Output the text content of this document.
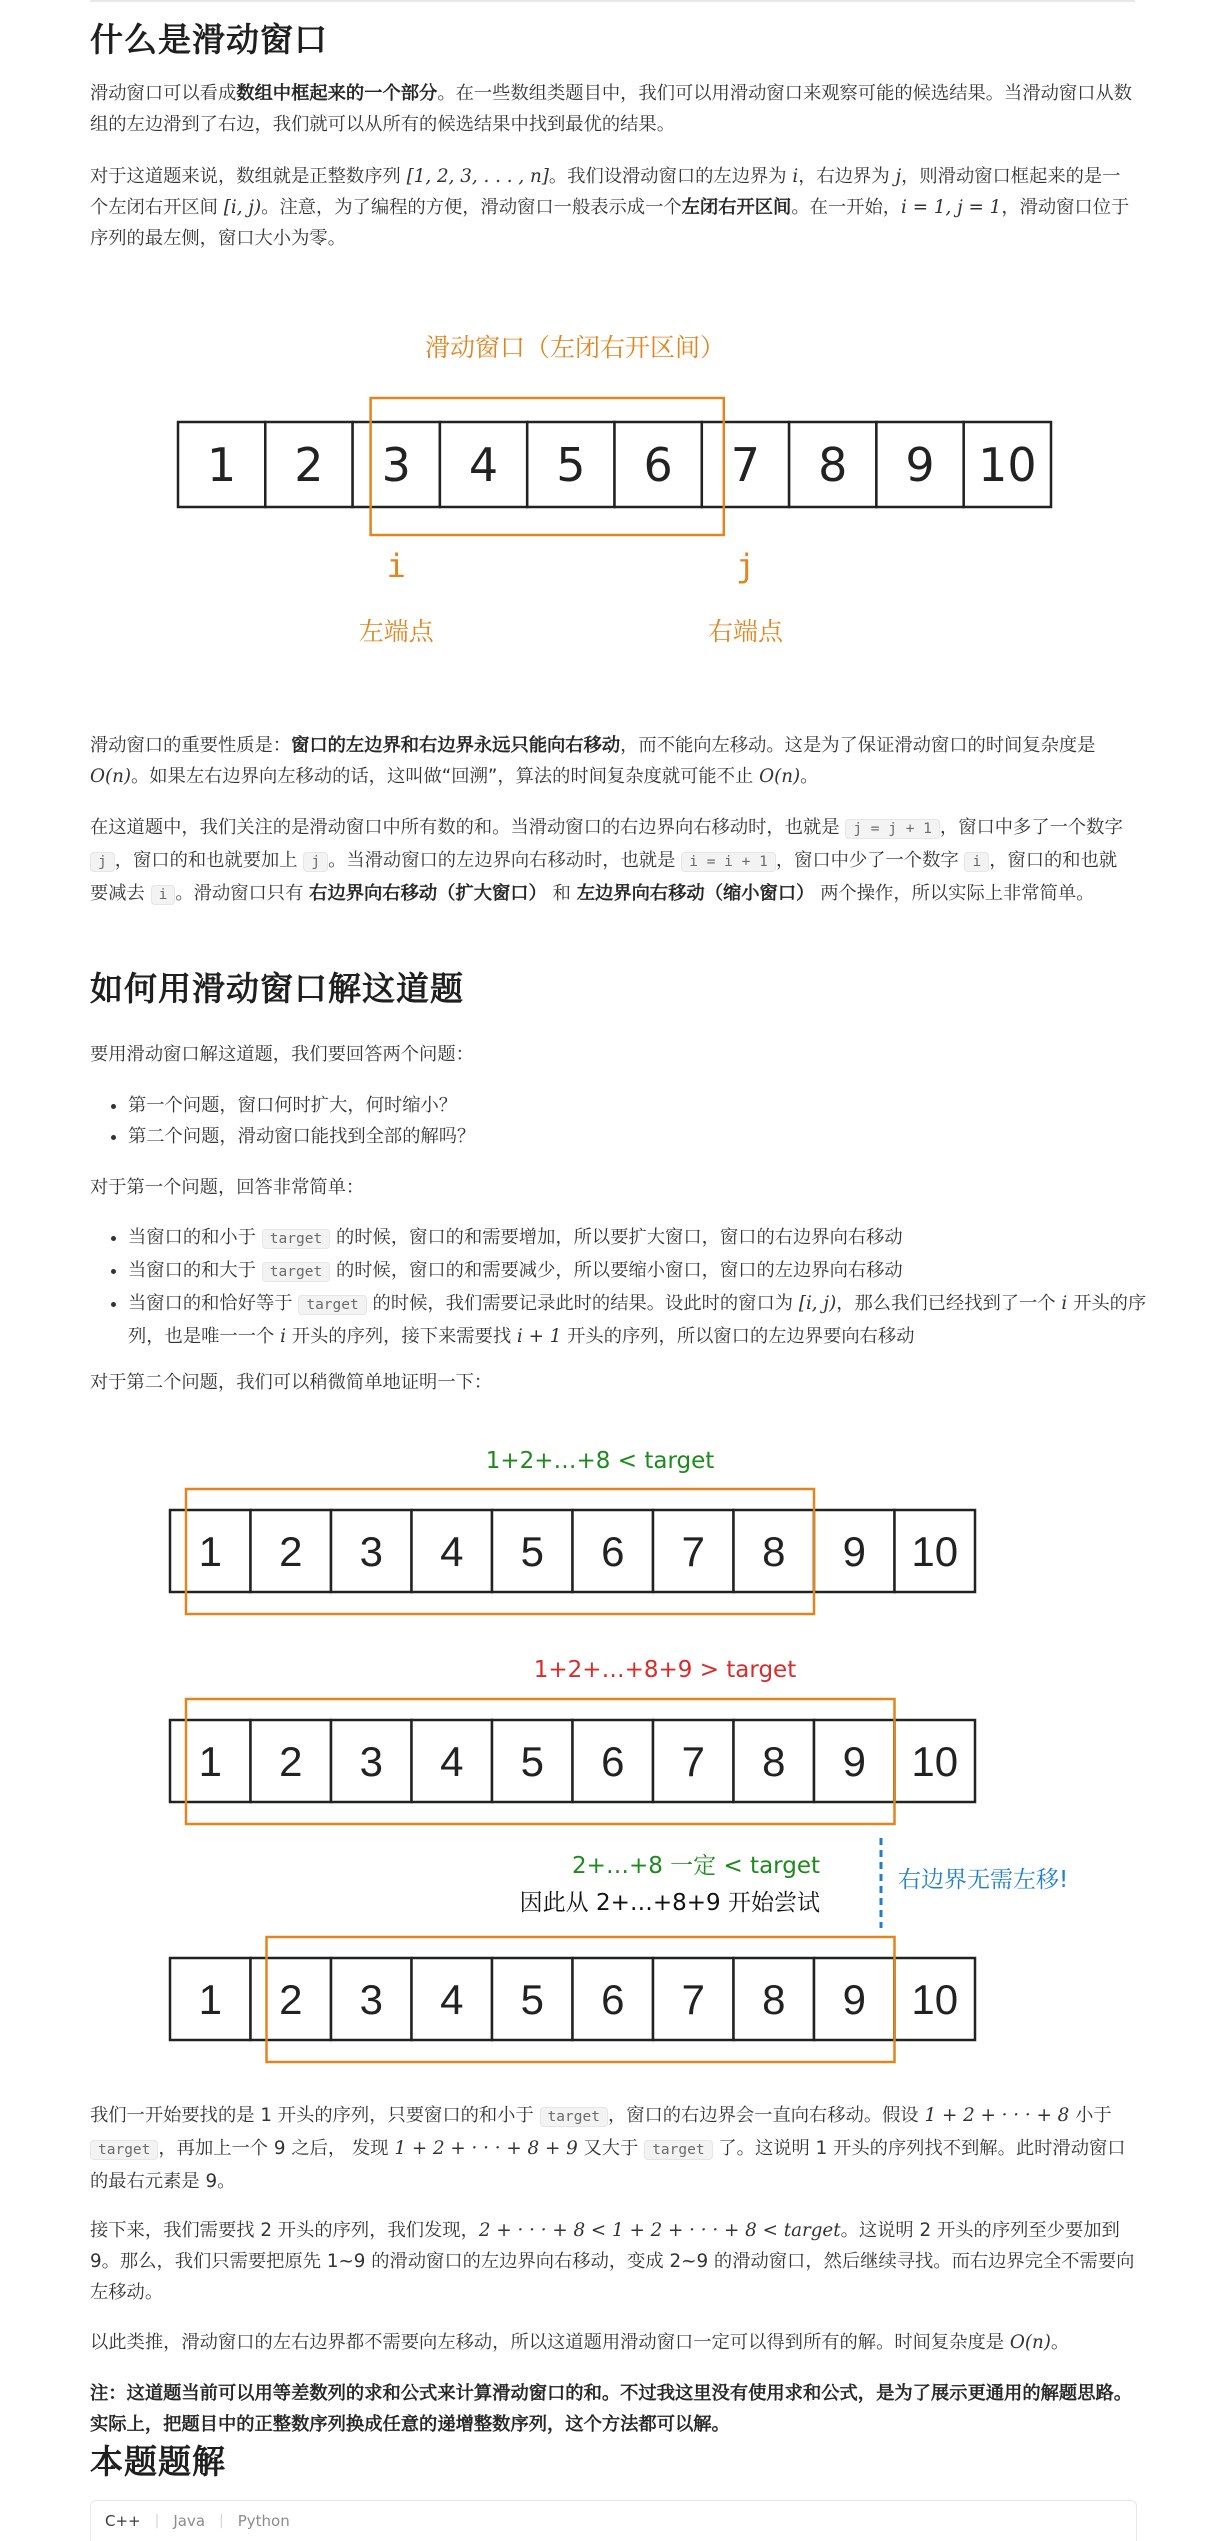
什么是滑动窗口

滑动窗口可以看成数组中框起来的一个部分。在一些数组类题目中，我们可以用滑动窗口来观察可能的候选结果。当滑动窗口从数组的左边滑到了右边，我们就可以从所有的候选结果中找到最优的结果。

对于这道题来说，数组就是正整数序列 [1, 2, 3, . . . , n]。我们设滑动窗口的左边界为 i，右边界为 j，则滑动窗口框起来的是一个左闭右开区间 [i, j)。注意，为了编程的方便，滑动窗口一般表示成一个左闭右开区间。在一开始，i = 1, j = 1，滑动窗口位于序列的最左侧，窗口大小为零。

滑动窗口（左闭右开区间）
1 2 3 4 5 6 7 8 9 10
i	j
左端点	右端点

滑动窗口的重要性质是：窗口的左边界和右边界永远只能向右移动，而不能向左移动。这是为了保证滑动窗口的时间复杂度是 O(n)。如果左右边界向左移动的话，这叫做“回溯”，算法的时间复杂度就可能不止 O(n)。

在这道题中，我们关注的是滑动窗口中所有数的和。当滑动窗口的右边界向右移动时，也就是 j = j + 1 ，窗口中多了一个数字 j ，窗口的和也就要加上 j 。当滑动窗口的左边界向右移动时，也就是 i = i + 1 ，窗口中少了一个数字 i ，窗口的和也就要减去 i 。滑动窗口只有 右边界向右移动（扩大窗口） 和 左边界向右移动（缩小窗口） 两个操作，所以实际上非常简单。

如何用滑动窗口解这道题

要用滑动窗口解这道题，我们要回答两个问题：

• 第一个问题，窗口何时扩大，何时缩小？
• 第二个问题，滑动窗口能找到全部的解吗？

对于第一个问题，回答非常简单：

• 当窗口的和小于 target 的时候，窗口的和需要增加，所以要扩大窗口，窗口的右边界向右移动
• 当窗口的和大于 target 的时候，窗口的和需要减少，所以要缩小窗口，窗口的左边界向右移动
• 当窗口的和恰好等于 target 的时候，我们需要记录此时的结果。设此时的窗口为 [i, j)，那么我们已经找到了一个 i 开头的序列，也是唯一一个 i 开头的序列，接下来需要找 i + 1 开头的序列，所以窗口的左边界要向右移动

对于第二个问题，我们可以稍微简单地证明一下：

1+2+…+8 < target
1 2 3 4 5 6 7 8 9 10
1+2+…+8+9 > target
1 2 3 4 5 6 7 8 9 10
2+…+8 一定 < target
因此从 2+…+8+9 开始尝试
右边界无需左移!
1 2 3 4 5 6 7 8 9 10

我们一开始要找的是 1 开头的序列，只要窗口的和小于 target ，窗口的右边界会一直向右移动。假设 1 + 2 + · · · + 8 小于 target ，再加上一个 9 之后， 发现 1 + 2 + · · · + 8 + 9 又大于 target 了。这说明 1 开头的序列找不到解。此时滑动窗口的最右元素是 9。

接下来，我们需要找 2 开头的序列，我们发现，2 + · · · + 8 < 1 + 2 + · · · + 8 < target。这说明 2 开头的序列至少要加到 9。那么，我们只需要把原先 1~9 的滑动窗口的左边界向右移动，变成 2~9 的滑动窗口，然后继续寻找。而右边界完全不需要向左移动。

以此类推，滑动窗口的左右边界都不需要向左移动，所以这道题用滑动窗口一定可以得到所有的解。时间复杂度是 O(n)。

注：这道题当前可以用等差数列的求和公式来计算滑动窗口的和。不过我这里没有使用求和公式，是为了展示更通用的解题思路。实际上，把题目中的正整数序列换成任意的递增整数序列，这个方法都可以解。

本题题解
C++	| Java	| Python
